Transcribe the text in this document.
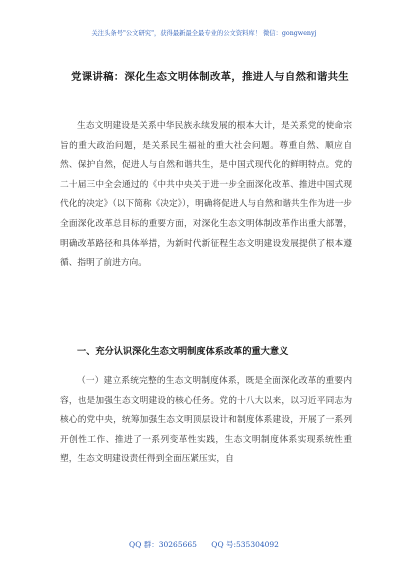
关注头条号"公文研究"，获得最新最全最专业的公文资料库！ 微信：gongwenyj
党课讲稿：深化生态文明体制改革，推进人与自然和谐共生

生态文明建设是关系中华民族永续发展的根本大计，是关系党的使命宗旨的重大政治问题，是关系民生福祉的重大社会问题。尊重自然、顺应自然、保护自然，促进人与自然和谐共生，是中国式现代化的鲜明特点。党的二十届三中全会通过的《中共中央关于进一步全面深化改革、推进中国式现代化的决定》（以下简称《决定》），明确将促进人与自然和谐共生作为进一步全面深化改革总目标的重要方面，对深化生态文明体制改革作出重大部署，明确改革路径和具体举措，为新时代新征程生态文明建设发展提供了根本遵循、指明了前进方向。

一、充分认识深化生态文明制度体系改革的重大意义

（一）建立系统完整的生态文明制度体系，既是全面深化改革的重要内容，也是加强生态文明建设的核心任务。党的十八大以来，以习近平同志为核心的党中央，统筹加强生态文明顶层设计和制度体系建设，开展了一系列开创性工作、推进了一系列变革性实践，生态文明制度体系实现系统性重塑，生态文明建设责任得到全面压紧压实，自

QQ 群：30265665 QQ 号:535304092
